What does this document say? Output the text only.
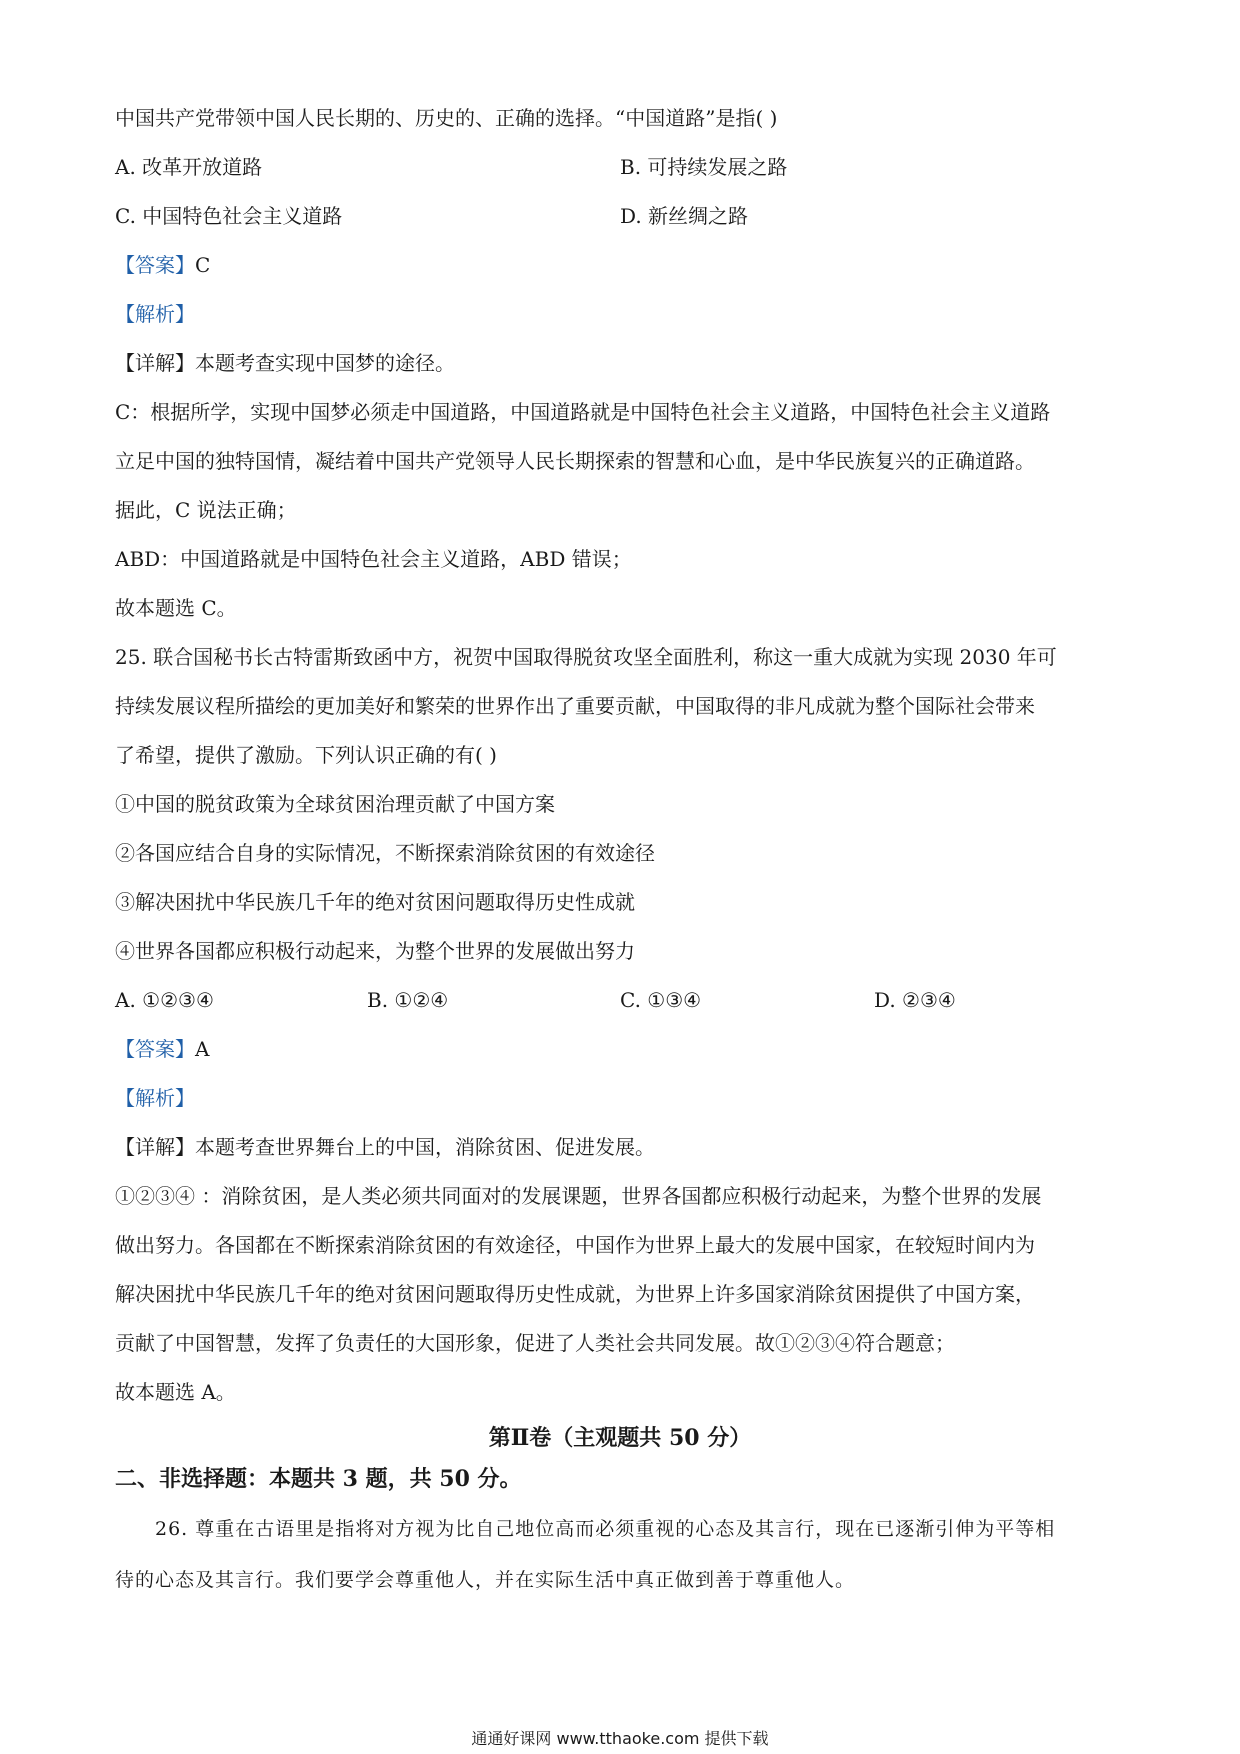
中国共产党带领中国人民长期的、历史的、正确的选择。“中国道路”是指( )
A. 改革开放道路	B. 可持续发展之路
C. 中国特色社会主义道路	D. 新丝绸之路
【答案】C
【解析】
【详解】本题考查实现中国梦的途径。
C：根据所学，实现中国梦必须走中国道路，中国道路就是中国特色社会主义道路，中国特色社会主义道路
立足中国的独特国情，凝结着中国共产党领导人民长期探索的智慧和心血，是中华民族复兴的正确道路。
据此，C 说法正确；
ABD：中国道路就是中国特色社会主义道路，ABD 错误；
故本题选 C。
25. 联合国秘书长古特雷斯致函中方，祝贺中国取得脱贫攻坚全面胜利，称这一重大成就为实现 2030 年可
持续发展议程所描绘的更加美好和繁荣的世界作出了重要贡献，中国取得的非凡成就为整个国际社会带来
了希望，提供了激励。下列认识正确的有( )
①中国的脱贫政策为全球贫困治理贡献了中国方案
②各国应结合自身的实际情况，不断探索消除贫困的有效途径
③解决困扰中华民族几千年的绝对贫困问题取得历史性成就
④世界各国都应积极行动起来，为整个世界的发展做出努力
A. ①②③④	B. ①②④	C. ①③④	D. ②③④
【答案】A
【解析】
【详解】本题考查世界舞台上的中国，消除贫困、促进发展。
①②③④ ：消除贫困，是人类必须共同面对的发展课题，世界各国都应积极行动起来，为整个世界的发展
做出努力。各国都在不断探索消除贫困的有效途径，中国作为世界上最大的发展中国家，在较短时间内为
解决困扰中华民族几千年的绝对贫困问题取得历史性成就，为世界上许多国家消除贫困提供了中国方案，
贡献了中国智慧，发挥了负责任的大国形象，促进了人类社会共同发展。故①②③④符合题意；
故本题选 A。
第Ⅱ卷（主观题共 50 分）
二、非选择题：本题共 3 题，共 50 分。
26. 尊重在古语里是指将对方视为比自己地位高而必须重视的心态及其言行，现在已逐渐引伸为平等相
待的心态及其言行。我们要学会尊重他人，并在实际生活中真正做到善于尊重他人。
通通好课网 www.tthaoke.com 提供下载
